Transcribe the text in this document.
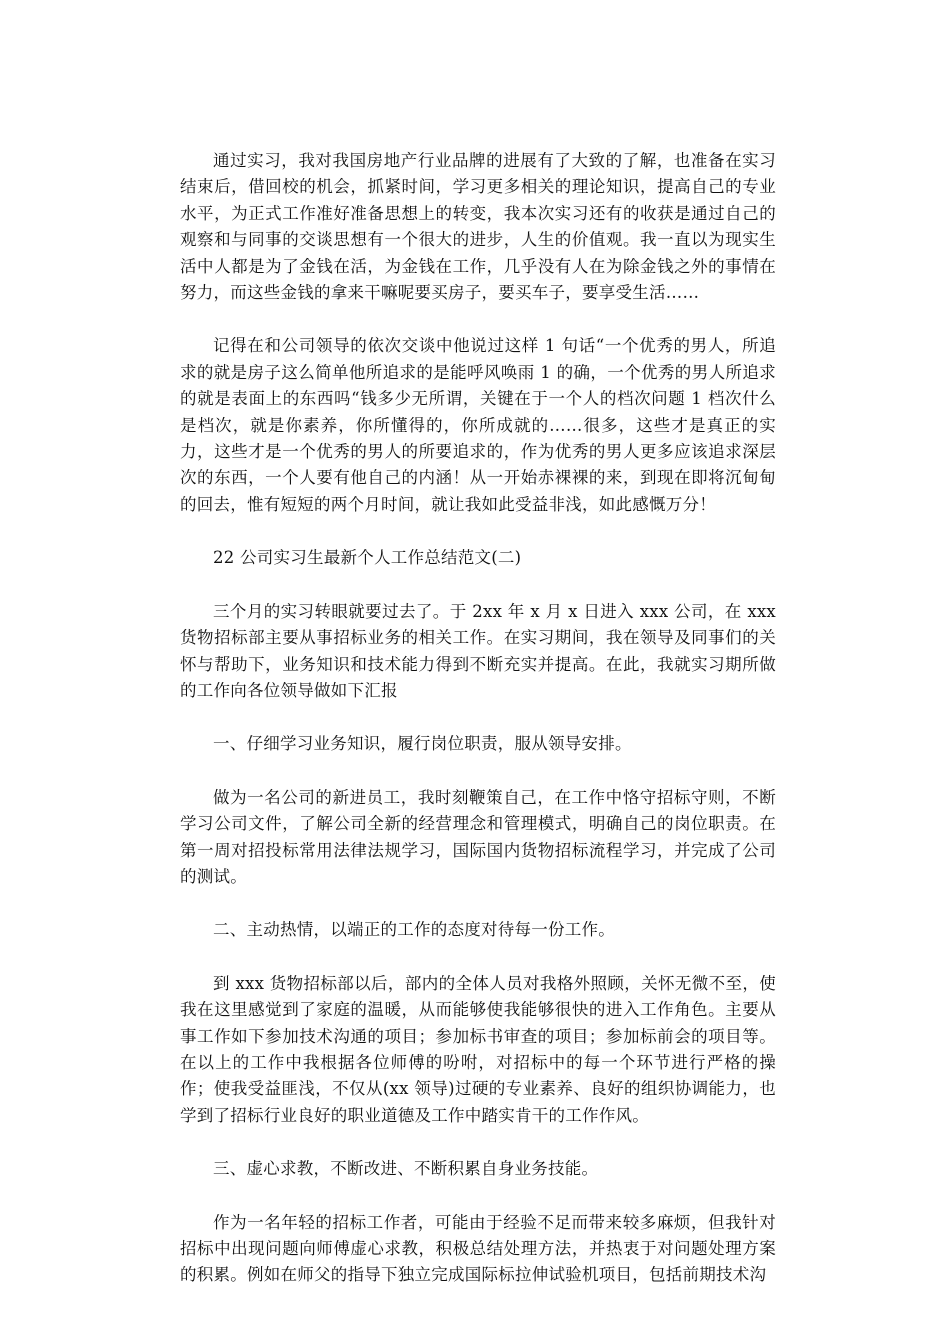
通过实习，我对我国房地产行业品牌的进展有了大致的了解，也准备在实习结束后，借回校的机会，抓紧时间，学习更多相关的理论知识，提高自己的专业水平，为正式工作准好准备思想上的转变，我本次实习还有的收获是通过自己的观察和与同事的交谈思想有一个很大的进步，人生的价值观。我一直以为现实生活中人都是为了金钱在活，为金钱在工作，几乎没有人在为除金钱之外的事情在努力，而这些金钱的拿来干嘛呢要买房子，要买车子，要享受生活……

记得在和公司领导的依次交谈中他说过这样 1 句话“一个优秀的男人，所追求的就是房子这么简单他所追求的是能呼风唤雨 1 的确，一个优秀的男人所追求的就是表面上的东西吗“钱多少无所谓，关键在于一个人的档次问题 1 档次什么是档次，就是你素养，你所懂得的，你所成就的……很多，这些才是真正的实力，这些才是一个优秀的男人的所要追求的，作为优秀的男人更多应该追求深层次的东西，一个人要有他自己的内涵！从一开始赤裸裸的来，到现在即将沉甸甸的回去，惟有短短的两个月时间，就让我如此受益非浅，如此感慨万分！

22 公司实习生最新个人工作总结范文(二)

三个月的实习转眼就要过去了。于 2xx 年 x 月 x 日进入 xxx 公司，在 xxx 货物招标部主要从事招标业务的相关工作。在实习期间，我在领导及同事们的关怀与帮助下，业务知识和技术能力得到不断充实并提高。在此，我就实习期所做的工作向各位领导做如下汇报

一、仔细学习业务知识，履行岗位职责，服从领导安排。

做为一名公司的新进员工，我时刻鞭策自己，在工作中恪守招标守则，不断学习公司文件，了解公司全新的经营理念和管理模式，明确自己的岗位职责。在第一周对招投标常用法律法规学习，国际国内货物招标流程学习，并完成了公司的测试。

二、主动热情，以端正的工作的态度对待每一份工作。

到 xxx 货物招标部以后，部内的全体人员对我格外照顾，关怀无微不至，使我在这里感觉到了家庭的温暖，从而能够使我能够很快的进入工作角色。主要从事工作如下参加技术沟通的项目；参加标书审查的项目；参加标前会的项目等。在以上的工作中我根据各位师傅的吩咐，对招标中的每一个环节进行严格的操作；使我受益匪浅，不仅从(xx 领导)过硬的专业素养、良好的组织协调能力，也学到了招标行业良好的职业道德及工作中踏实肯干的工作作风。

三、虚心求教，不断改进、不断积累自身业务技能。

作为一名年轻的招标工作者，可能由于经验不足而带来较多麻烦，但我针对招标中出现问题向师傅虚心求教，积极总结处理方法，并热衷于对问题处理方案的积累。例如在师父的指导下独立完成国际标拉伸试验机项目，包括前期技术沟
